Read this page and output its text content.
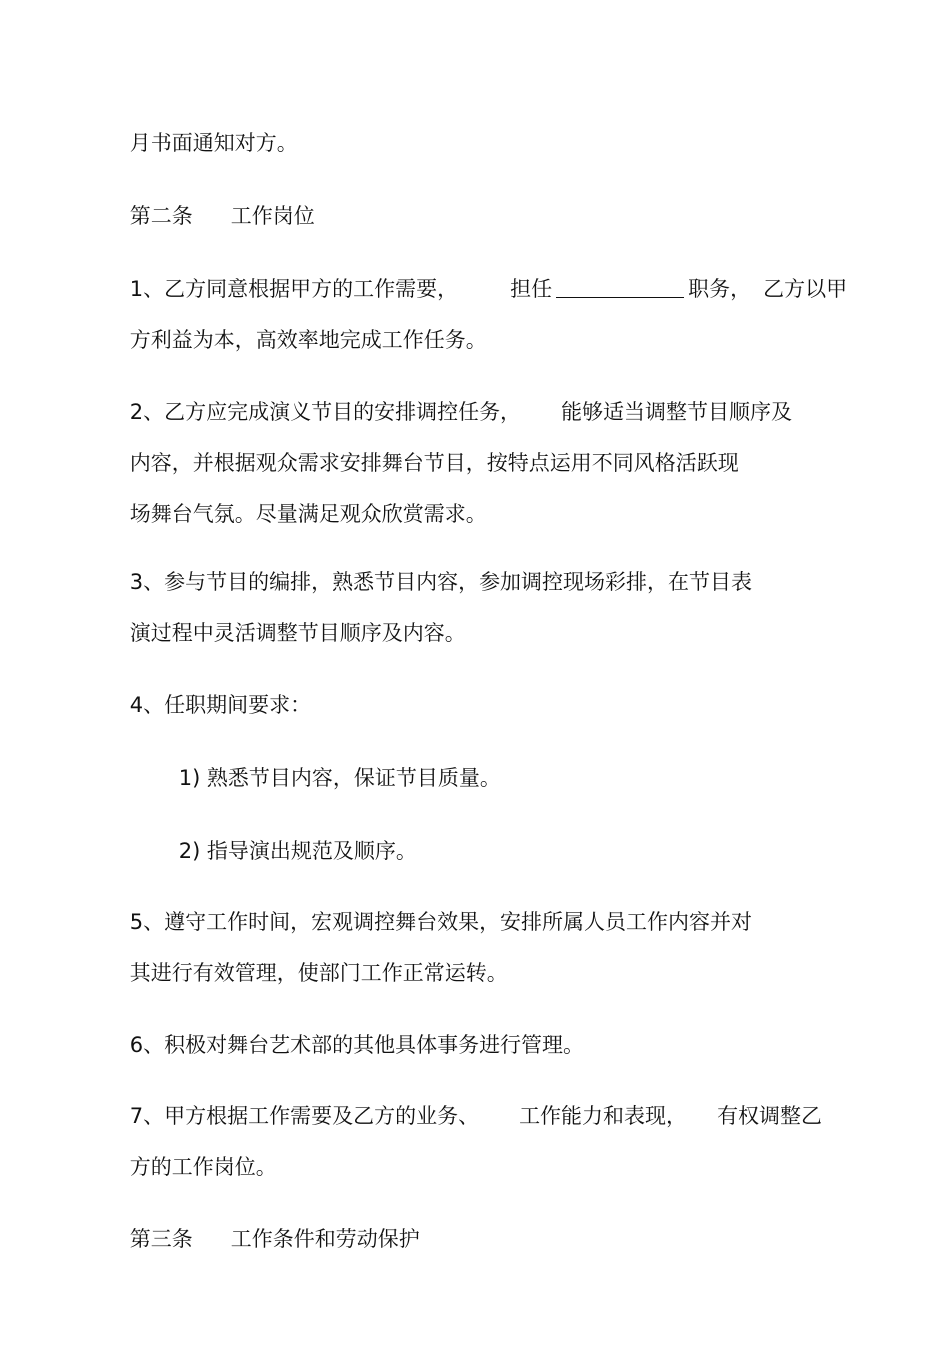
月书面通知对方。

第二条 工作岗位

1、乙方同意根据甲方的工作需要， 担任	职务， 乙方以甲

方利益为本，高效率地完成工作任务。

2、乙方应完成演义节目的安排调控任务， 能够适当调整节目顺序及

内容，并根据观众需求安排舞台节目，按特点运用不同风格活跃现

场舞台气氛。尽量满足观众欣赏需求。

3、参与节目的编排，熟悉节目内容，参加调控现场彩排，在节目表

演过程中灵活调整节目顺序及内容。

4、任职期间要求：

1) 熟悉节目内容，保证节目质量。

2) 指导演出规范及顺序。

5、遵守工作时间，宏观调控舞台效果，安排所属人员工作内容并对

其进行有效管理，使部门工作正常运转。

6、积极对舞台艺术部的其他具体事务进行管理。

7、甲方根据工作需要及乙方的业务、 工作能力和表现， 有权调整乙

方的工作岗位。

第三条 工作条件和劳动保护
